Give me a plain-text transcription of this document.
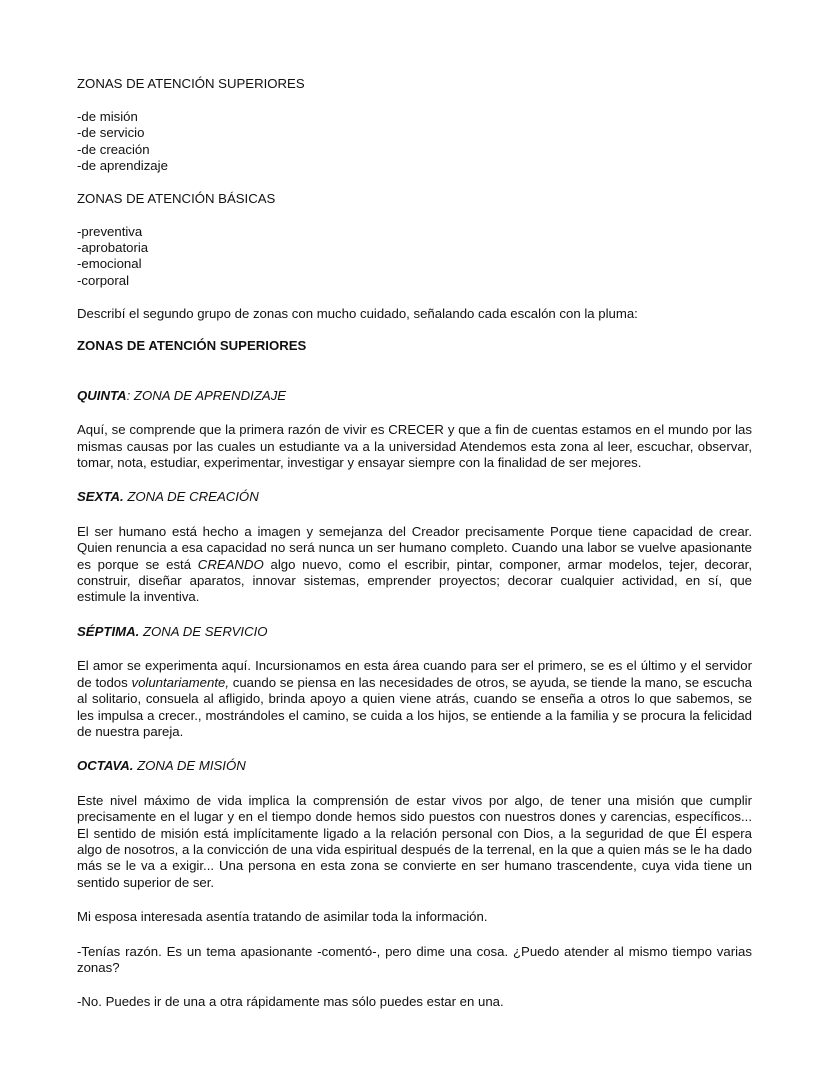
ZONAS DE ATENCIÓN SUPERIORES

-de misión

-de servicio

-de creación

-de aprendizaje

ZONAS DE ATENCIÓN BÁSICAS

-preventiva

-aprobatoria

-emocional

-corporal

Describí el segundo grupo de zonas con mucho cuidado, señalando cada escalón con la pluma:

ZONAS DE ATENCIÓN SUPERIORES

QUINTA: ZONA DE APRENDIZAJE

Aquí, se comprende que la primera razón de vivir es CRECER y que a fin de cuentas estamos en el mundo por las mismas causas por las cuales un estudiante va a la universidad Atendemos esta zona al leer, escuchar, observar, tomar, nota, estudiar, experimentar, investigar y ensayar siempre con la finalidad de ser mejores.

SEXTA. ZONA DE CREACIÓN

El ser humano está hecho a imagen y semejanza del Creador precisamente Porque tiene capacidad de crear. Quien renuncia a esa capacidad no será nunca un ser humano completo. Cuando una labor se vuelve apasionante es porque se está CREANDO algo nuevo, como el escribir, pintar, componer, armar modelos, tejer, decorar, construir, diseñar aparatos, innovar sistemas, emprender proyectos; decorar cualquier actividad, en sí, que estimule la inventiva.

SÉPTIMA. ZONA DE SERVICIO

El amor se experimenta aquí. Incursionamos en esta área cuando para ser el primero, se es el último y el servidor de todos voluntariamente, cuando se piensa en las necesidades de otros, se ayuda, se tiende la mano, se escucha al solitario, consuela al afligido, brinda apoyo a quien viene atrás, cuando se enseña a otros lo que sabemos, se les impulsa a crecer., mostrándoles el camino, se cuida a los hijos, se entiende a la familia y se procura la felicidad de nuestra pareja.

OCTAVA. ZONA DE MISIÓN

Este nivel máximo de vida implica la comprensión de estar vivos por algo, de tener una misión que cumplir precisamente en el lugar y en el tiempo donde hemos sido puestos con nuestros dones y carencias, específicos... El sentido de misión está implícitamente ligado a la relación personal con Dios, a la seguridad de que Él espera algo de nosotros, a la convicción de una vida espiritual después de la terrenal, en la que a quien más se le ha dado más se le va a exigir... Una persona en esta zona se convierte en ser humano trascendente, cuya vida tiene un sentido superior de ser.

Mi esposa interesada asentía tratando de asimilar toda la información.

-Tenías razón. Es un tema apasionante -comentó-, pero dime una cosa. ¿Puedo atender al mismo tiempo varias zonas?

-No. Puedes ir de una a otra rápidamente mas sólo puedes estar en una.
